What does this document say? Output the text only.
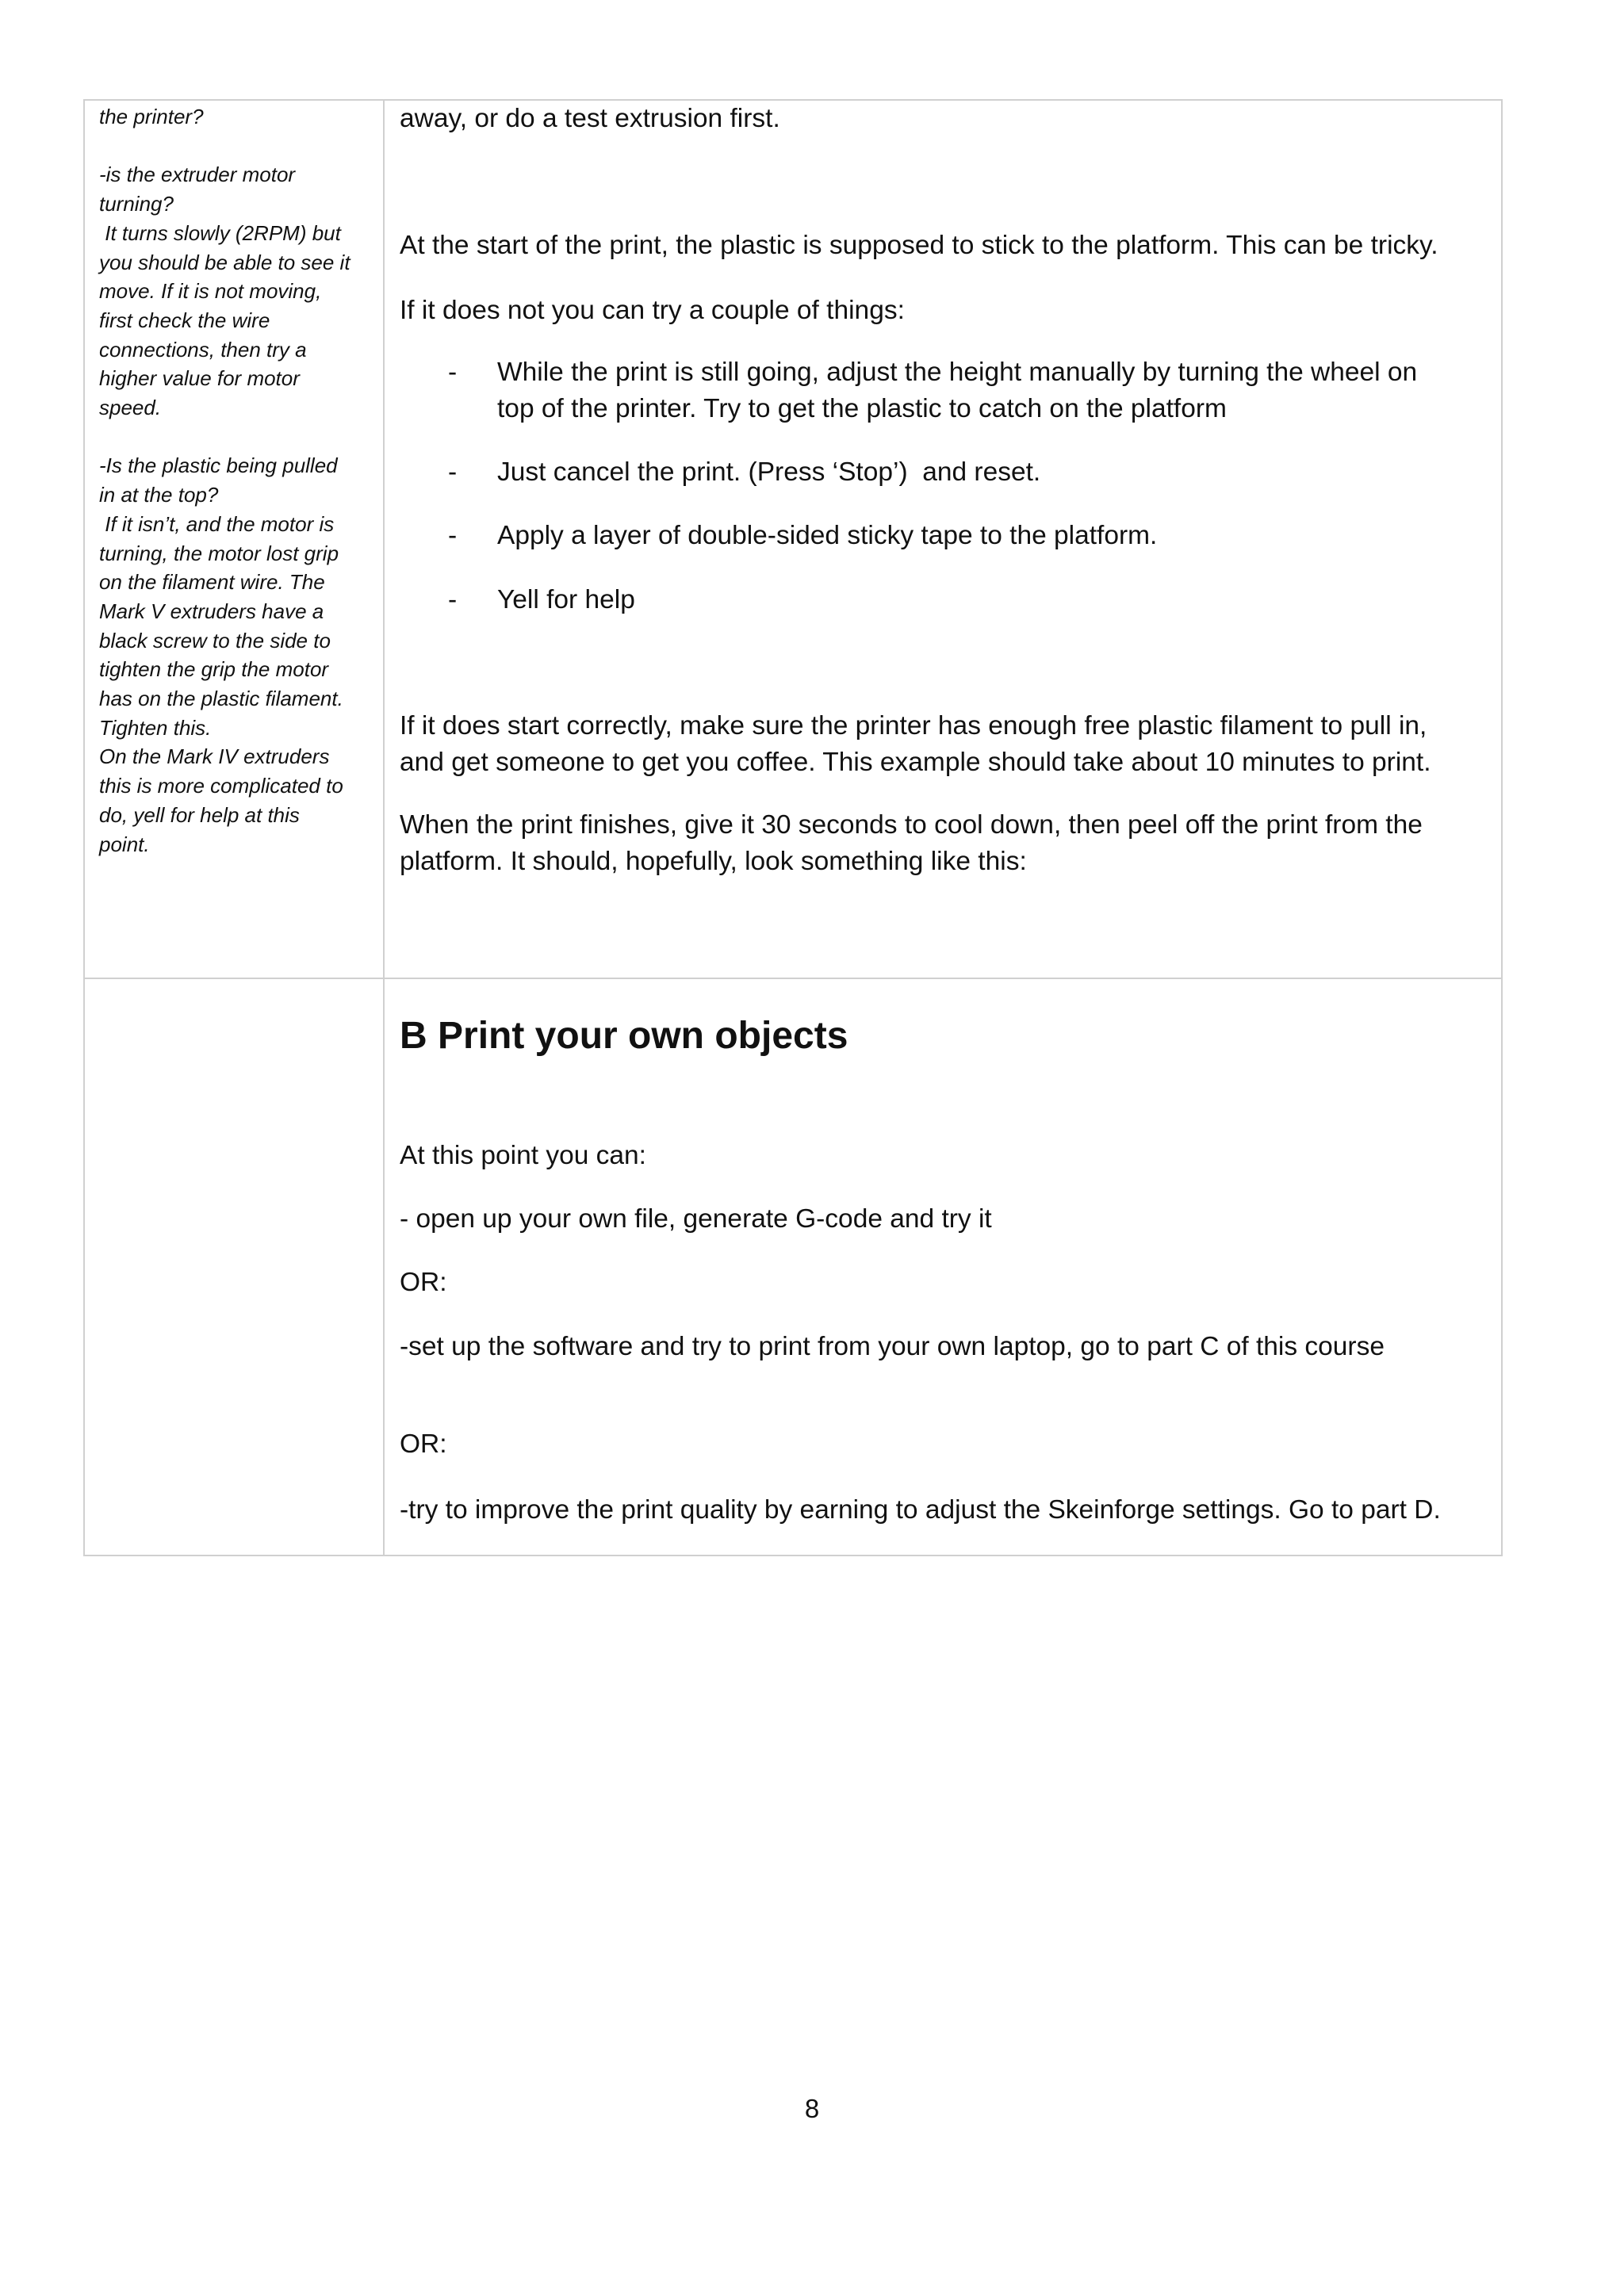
the printer?

-is the extruder motor

turning?

It turns slowly (2RPM) but

you should be able to see it

move. If it is not moving,

first check the wire

connections, then try a

higher value for motor

speed.

-Is the plastic being pulled

in at the top?

If it isn’t, and the motor is

turning, the motor lost grip

on the filament wire. The

Mark V extruders have a

black screw to the side to

tighten the grip the motor

has on the plastic filament.

Tighten this.

On the Mark IV extruders

this is more complicated to

do, yell for help at this

point.

away, or do a test extrusion first.

At the start of the print, the plastic is supposed to stick to the platform. This can be tricky.

If it does not you can try a couple of things:

- While the print is still going, adjust the height manually by turning the wheel on
top of the printer. Try to get the plastic to catch on the platform
- Just cancel the print. (Press ‘Stop’)  and reset.
- Apply a layer of double-sided sticky tape to the platform.
- Yell for help

If it does start correctly, make sure the printer has enough free plastic filament to pull in,

and get someone to get you coffee. This example should take about 10 minutes to print.

When the print finishes, give it 30 seconds to cool down, then peel off the print from the

platform. It should, hopefully, look something like this:

B Print your own objects

At this point you can:

- open up your own file, generate G-code and try it

OR:

-set up the software and try to print from your own laptop, go to part C of this course

OR:

-try to improve the print quality by earning to adjust the Skeinforge settings. Go to part D.

8
